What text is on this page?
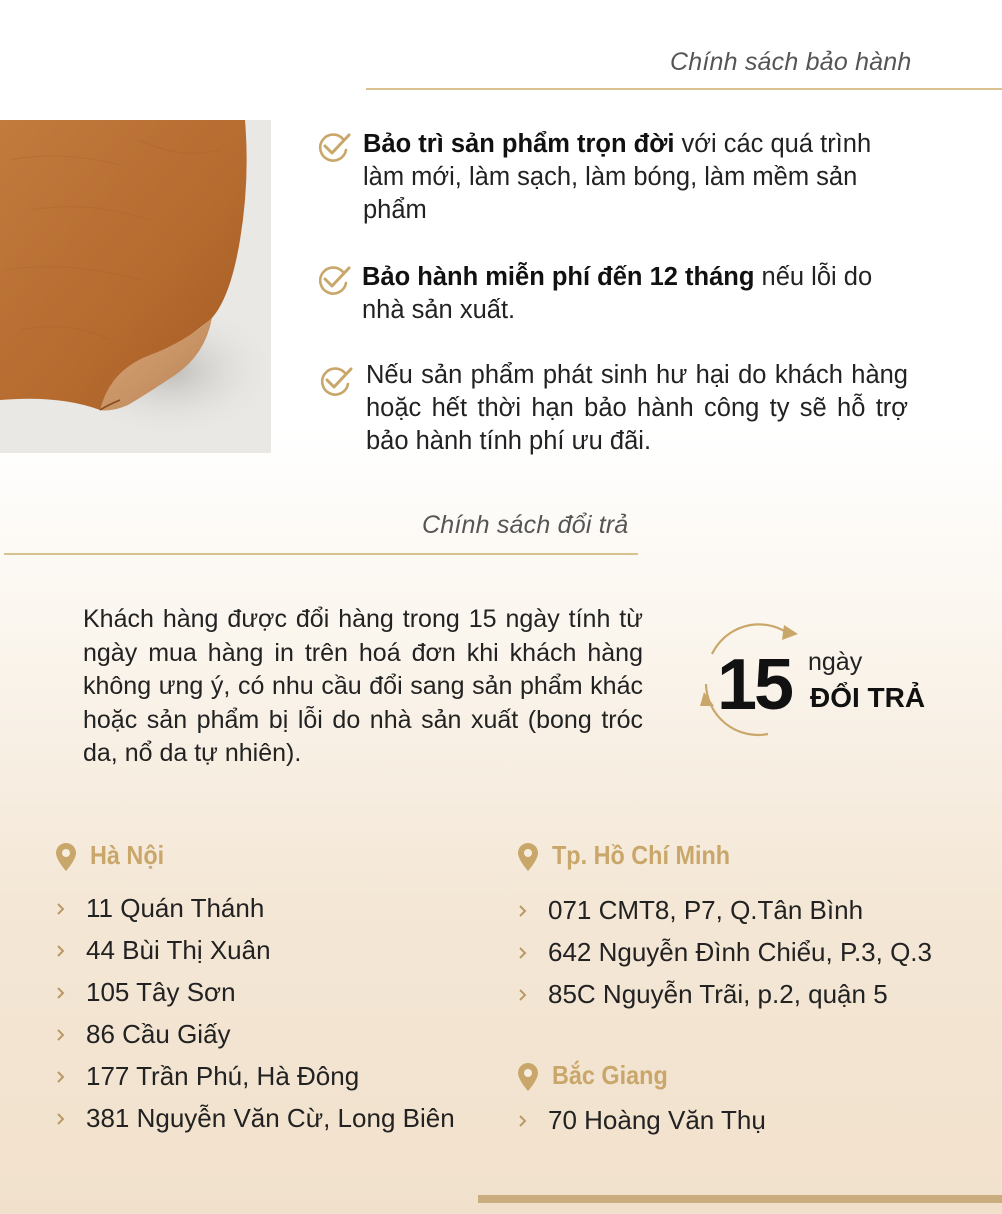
Chính sách bảo hành
Bảo trì sản phẩm trọn đời với các quá trình làm mới, làm sạch, làm bóng, làm mềm sản phẩm
Bảo hành miễn phí đến 12 tháng nếu lỗi do nhà sản xuất.
Nếu sản phẩm phát sinh hư hại do khách hàng hoặc hết thời hạn bảo hành công ty sẽ hỗ trợ bảo hành tính phí ưu đãi.
Chính sách đổi trả
Khách hàng được đổi hàng trong 15 ngày tính từ ngày mua hàng in trên hoá đơn khi khách hàng không ưng ý, có nhu cầu đổi sang sản phẩm khác hoặc sản phẩm bị lỗi do nhà sản xuất (bong tróc da, nổ da tự nhiên).
15 ngày
ĐỔI TRẢ
Hà Nội
11 Quán Thánh
44 Bùi Thị Xuân
105 Tây Sơn
86 Cầu Giấy
177 Trần Phú, Hà Đông
381 Nguyễn Văn Cừ, Long Biên
Tp. Hồ Chí Minh
071 CMT8, P7, Q.Tân Bình
642 Nguyễn Đình Chiểu, P.3, Q.3
85C Nguyễn Trãi, p.2, quận 5
Bắc Giang
70 Hoàng Văn Thụ
